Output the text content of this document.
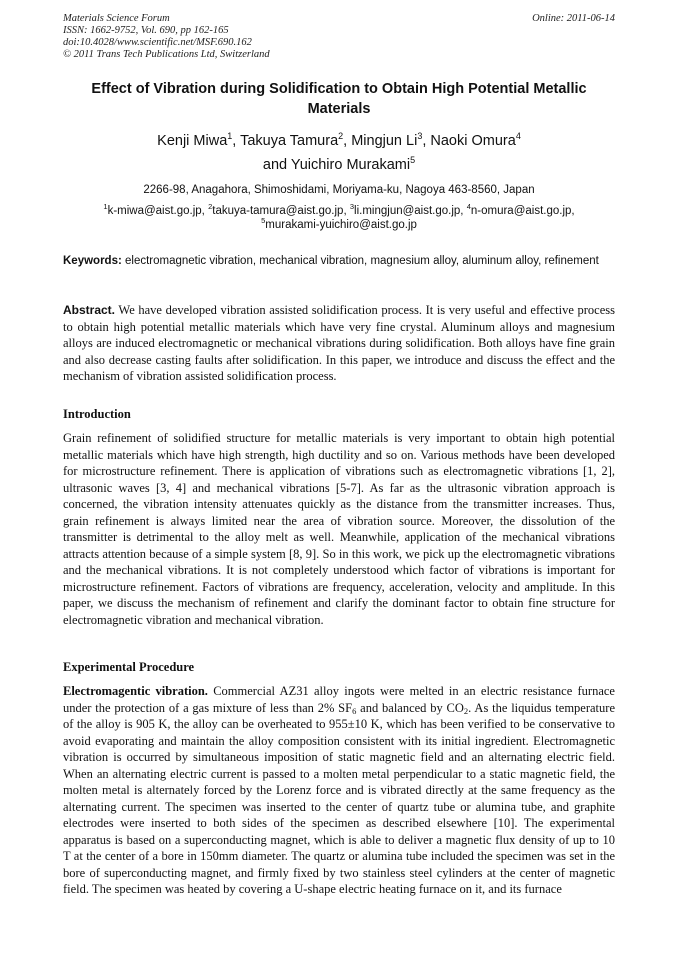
Materials Science Forum
ISSN: 1662-9752, Vol. 690, pp 162-165
doi:10.4028/www.scientific.net/MSF.690.162
© 2011 Trans Tech Publications Ltd, Switzerland
Online: 2011-06-14
Effect of Vibration during Solidification to Obtain High Potential Metallic Materials
Kenji Miwa$^1$, Takuya Tamura$^2$, Mingjun Li$^3$, Naoki Omura$^4$
and Yuichiro Murakami$^5$
2266-98, Anagahora, Shimoshidami, Moriyama-ku, Nagoya 463-8560, Japan
$^1$k-miwa@aist.go.jp, $^2$takuya-tamura@aist.go.jp, $^3$li.mingjun@aist.go.jp, $^4$n-omura@aist.go.jp,
$^5$murakami-yuichiro@aist.go.jp
Keywords: electromagnetic vibration, mechanical vibration, magnesium alloy, aluminum alloy, refinement
Abstract. We have developed vibration assisted solidification process. It is very useful and effective process to obtain high potential metallic materials which have very fine crystal. Aluminum alloys and magnesium alloys are induced electromagnetic or mechanical vibrations during solidification. Both alloys have fine grain and also decrease casting faults after solidification. In this paper, we introduce and discuss the effect and the mechanism of vibration assisted solidification process.
Introduction
Grain refinement of solidified structure for metallic materials is very important to obtain high potential metallic materials which have high strength, high ductility and so on. Various methods have been developed for microstructure refinement. There is application of vibrations such as electromagnetic vibrations [1, 2], ultrasonic waves [3, 4] and mechanical vibrations [5-7]. As far as the ultrasonic vibration approach is concerned, the vibration intensity attenuates quickly as the distance from the transmitter increases. Thus, grain refinement is always limited near the area of vibration source. Moreover, the dissolution of the transmitter is detrimental to the alloy melt as well. Meanwhile, application of the mechanical vibrations attracts attention because of a simple system [8, 9]. So in this work, we pick up the electromagnetic vibrations and the mechanical vibrations. It is not completely understood which factor of vibrations is important for microstructure refinement. Factors of vibrations are frequency, acceleration, velocity and amplitude. In this paper, we discuss the mechanism of refinement and clarify the dominant factor to obtain fine structure for electromagnetic vibration and mechanical vibration.
Experimental Procedure
Electromagentic vibration. Commercial AZ31 alloy ingots were melted in an electric resistance furnace under the protection of a gas mixture of less than 2% $SF_6$ and balanced by $CO_2$. As the liquidus temperature of the alloy is 905 K, the alloy can be overheated to 955±10 K, which has been verified to be conservative to avoid evaporating and maintain the alloy composition consistent with its initial ingredient. Electromagnetic vibration is occurred by simultaneous imposition of static magnetic field and an alternating electric field. When an alternating electric current is passed to a molten metal perpendicular to a static magnetic field, the molten metal is alternately forced by the Lorenz force and is vibrated directly at the same frequency as the alternating current. The specimen was inserted to the center of quartz tube or alumina tube, and graphite electrodes were inserted to both sides of the specimen as described elsewhere [10]. The experimental apparatus is based on a superconducting magnet, which is able to deliver a magnetic flux density of up to 10 T at the center of a bore in 150mm diameter. The quartz or alumina tube included the specimen was set in the bore of superconducting magnet, and firmly fixed by two stainless steel cylinders at the center of magnetic field. The specimen was heated by covering a U-shape electric heating furnace on it, and its furnace
